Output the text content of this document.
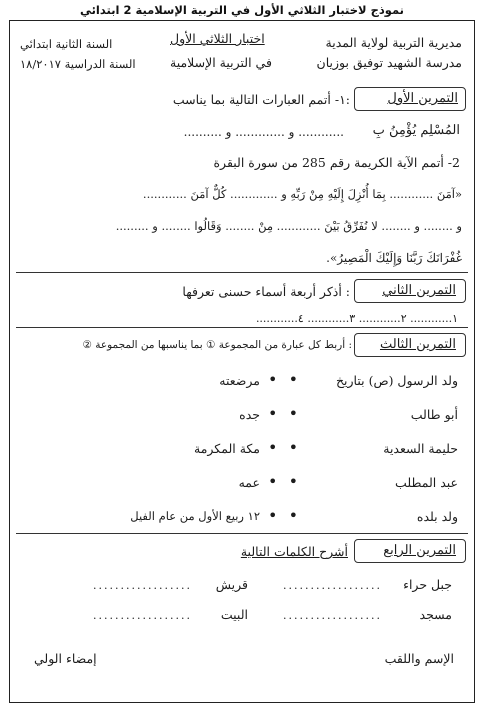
نموذج لاختبار الثلاثي الأول في التربية الإسلامية 2 ابتدائي
مديرية التربية لولاية المدية
مدرسة الشهيد توفيق بوزيان
اختبار الثلاثي الأول
في التربية الإسلامية
السنة الثانية ابتدائي
السنة الدراسية ١٨/٢٠١٧
التمرين الأول
:١- أتمم العبارات التالية بما يناسب
المُسْلِم يُؤْمِنُ بِ
............ و ............. و ..........
2- أتمم الآية الكريمة رقم 285 من سورة البقرة
«آمَنَ ............ بِمَا أُنْزِلَ إِلَيْهِ مِنْ رَبِّهِ و ............. كُلٌّ آمَنَ ............
و ........ و ........ لا نُفَرِّقُ بَيْنَ ............ مِنْ ........ وَقَالُوا ........ و .........
غُفْرَانَكَ رَبَّنَا وَإِلَيْكَ الْمَصِيرُ».
التمرين الثاني
: أذكر أربعة أسماء حسنى تعرفها
١............ ٢............ ٣............ ٤............
التمرين الثالث
: أربط كل عبارة من المجموعة ① بما يناسبها من المجموعة ②
ولد الرسول (ص) بتاريخ
أبو طالب
حليمة السعدية
عبد المطلب
ولد بلده
•
•
•
•
•
•
•
•
•
•
مرضعته
جده
مكة المكرمة
عمه
١٢ ربيع الأول من عام الفيل
التمرين الرابع
أشرح الكلمات التالية
جبل حراء
..................
قريش
..................
مسجد
..................
البيت
..................
الإسم واللقب
إمضاء الولي
